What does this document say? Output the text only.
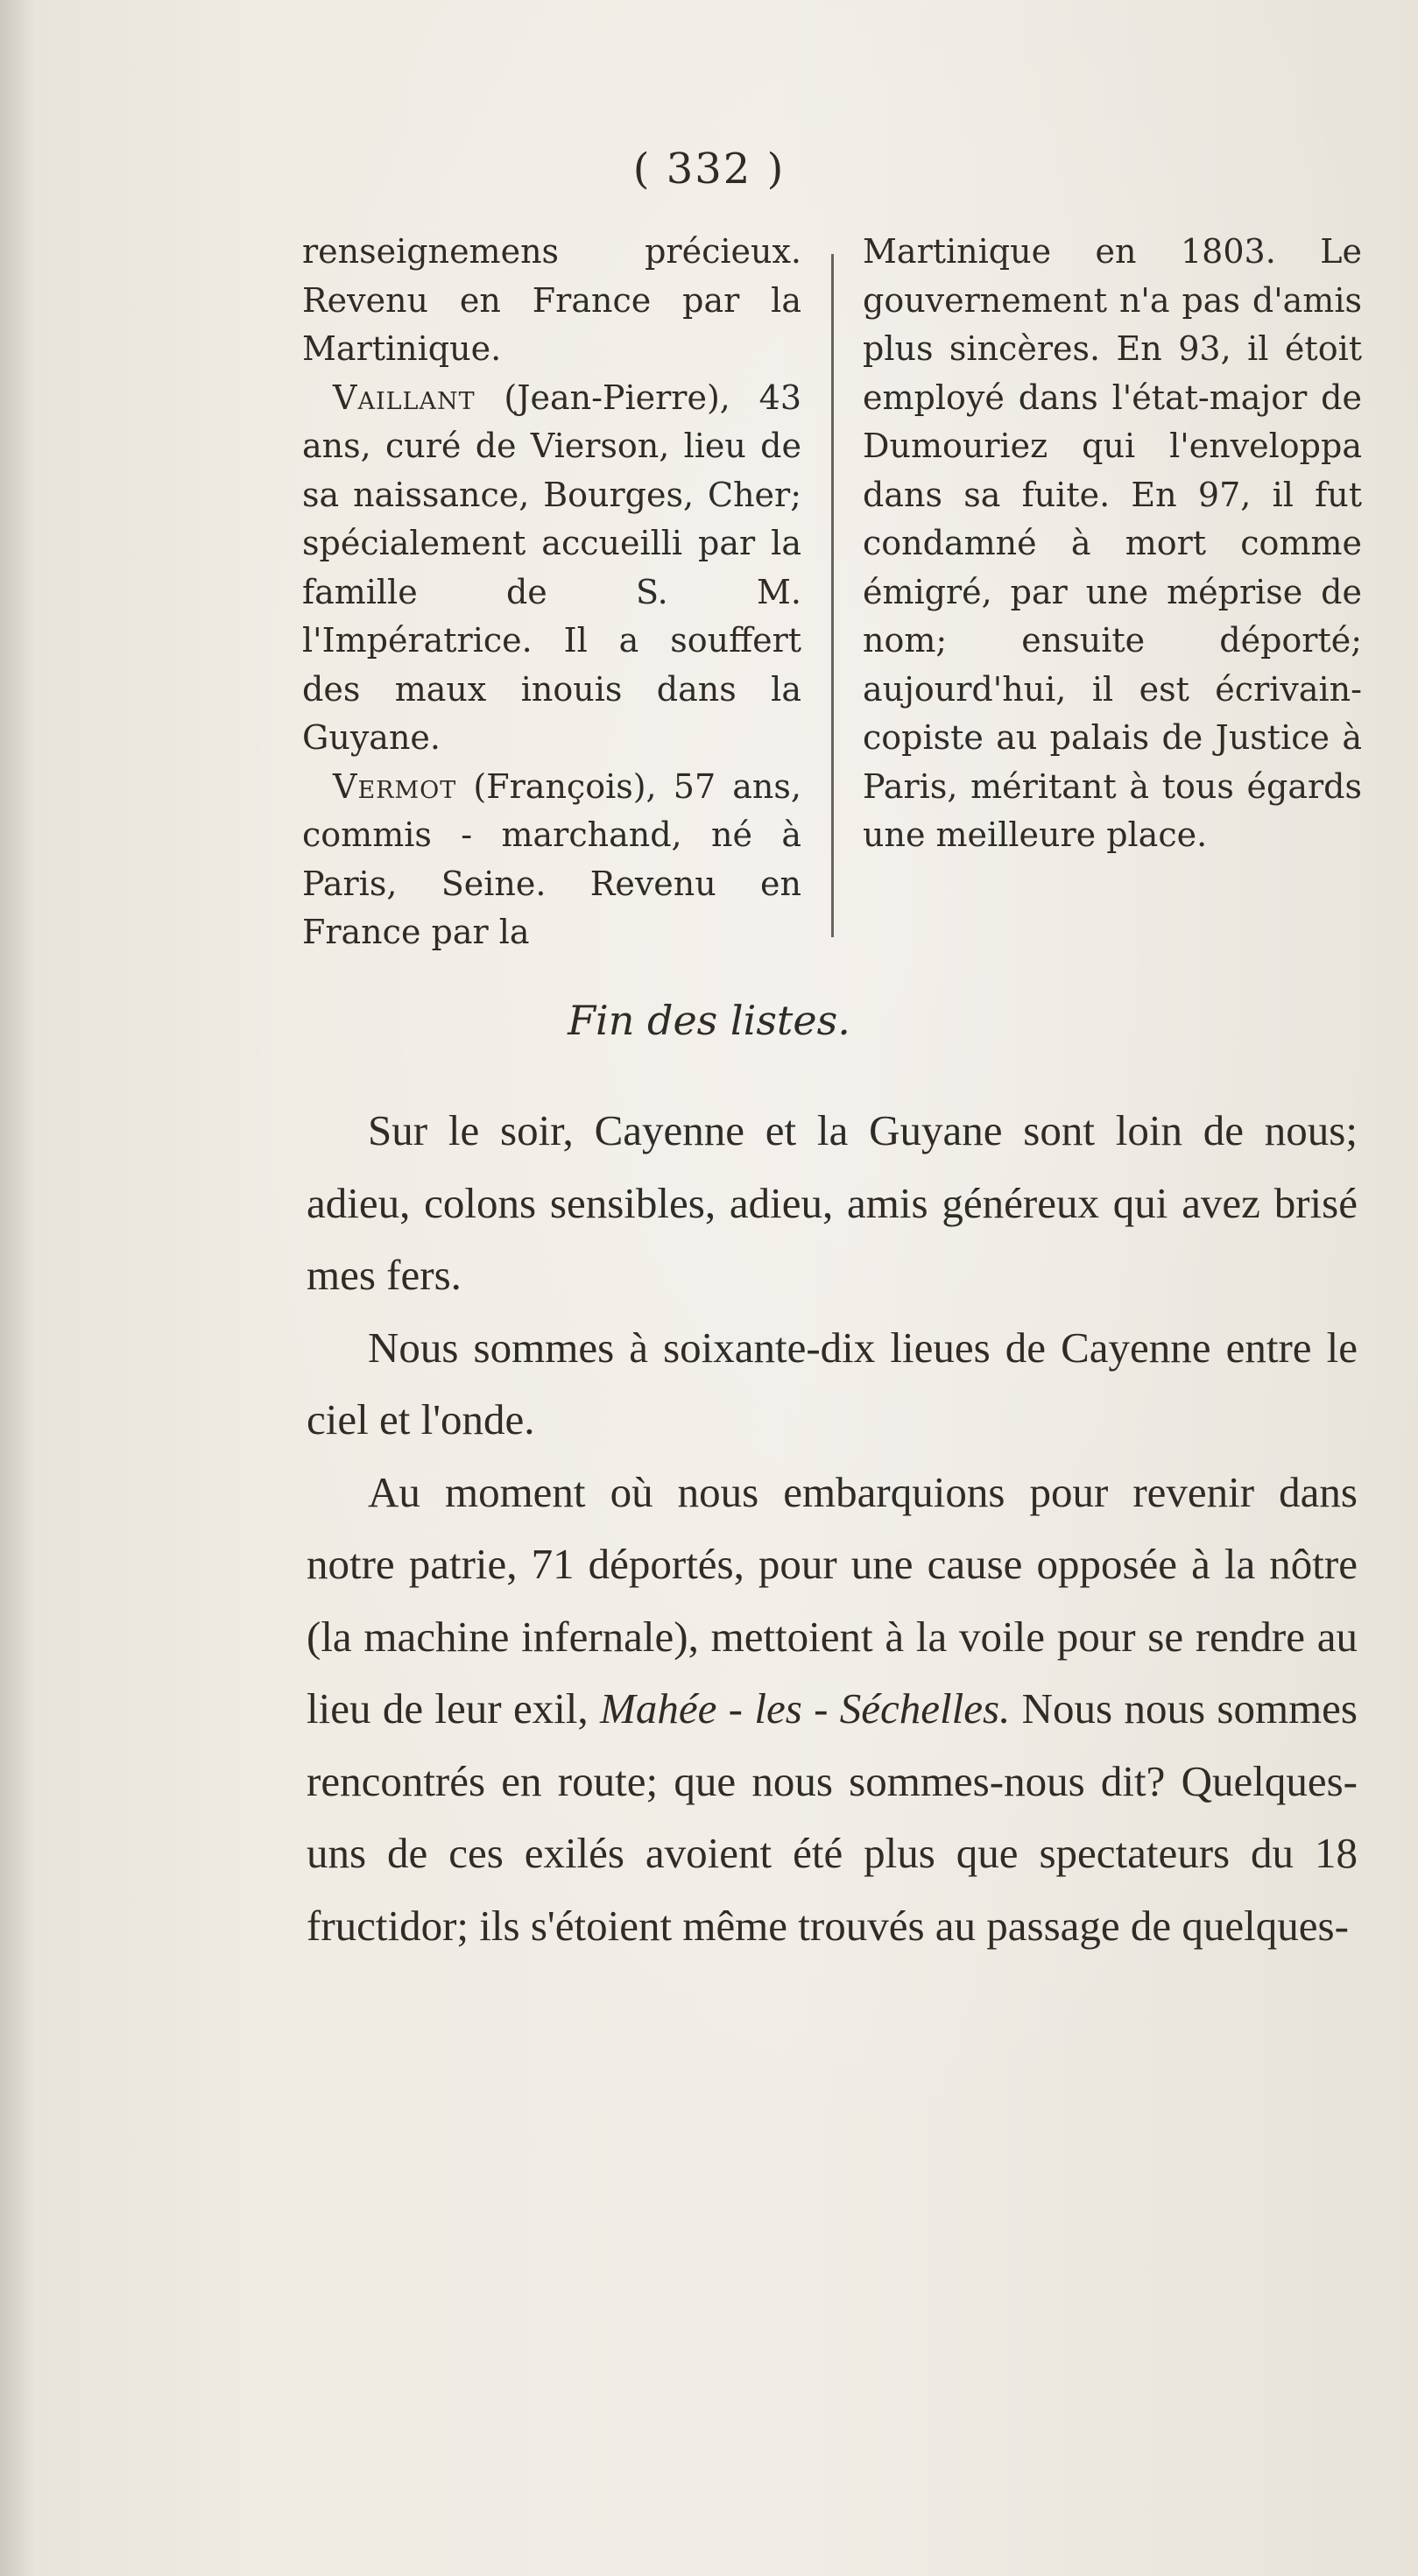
( 332 )

renseignemens précieux. Revenu en France par la Martinique.

Vaillant (Jean-Pierre), 43 ans, curé de Vierson, lieu de sa naissance, Bourges, Cher; spécialement accueilli par la famille de S. M. l'Impératrice. Il a souffert des maux inouis dans la Guyane.

Vermot (François), 57 ans, commis - marchand, né à Paris, Seine. Revenu en France par la

Martinique en 1803. Le gouvernement n'a pas d'amis plus sincères. En 93, il étoit employé dans l'état-major de Dumouriez qui l'enveloppa dans sa fuite. En 97, il fut condamné à mort comme émigré, par une méprise de nom; ensuite déporté; aujourd'hui, il est écrivain-copiste au palais de Justice à Paris, méritant à tous égards une meilleure place.

Fin des listes.

Sur le soir, Cayenne et la Guyane sont loin de nous; adieu, colons sensibles, adieu, amis généreux qui avez brisé mes fers.

Nous sommes à soixante-dix lieues de Cayenne entre le ciel et l'onde.

Au moment où nous embarquions pour revenir dans notre patrie, 71 déportés, pour une cause opposée à la nôtre (la machine infernale), mettoient à la voile pour se rendre au lieu de leur exil, Mahée - les - Séchelles. Nous nous sommes rencontrés en route; que nous sommes-nous dit? Quelques-uns de ces exilés avoient été plus que spectateurs du 18 fructidor; ils s'étoient même trouvés au passage de quelques-
